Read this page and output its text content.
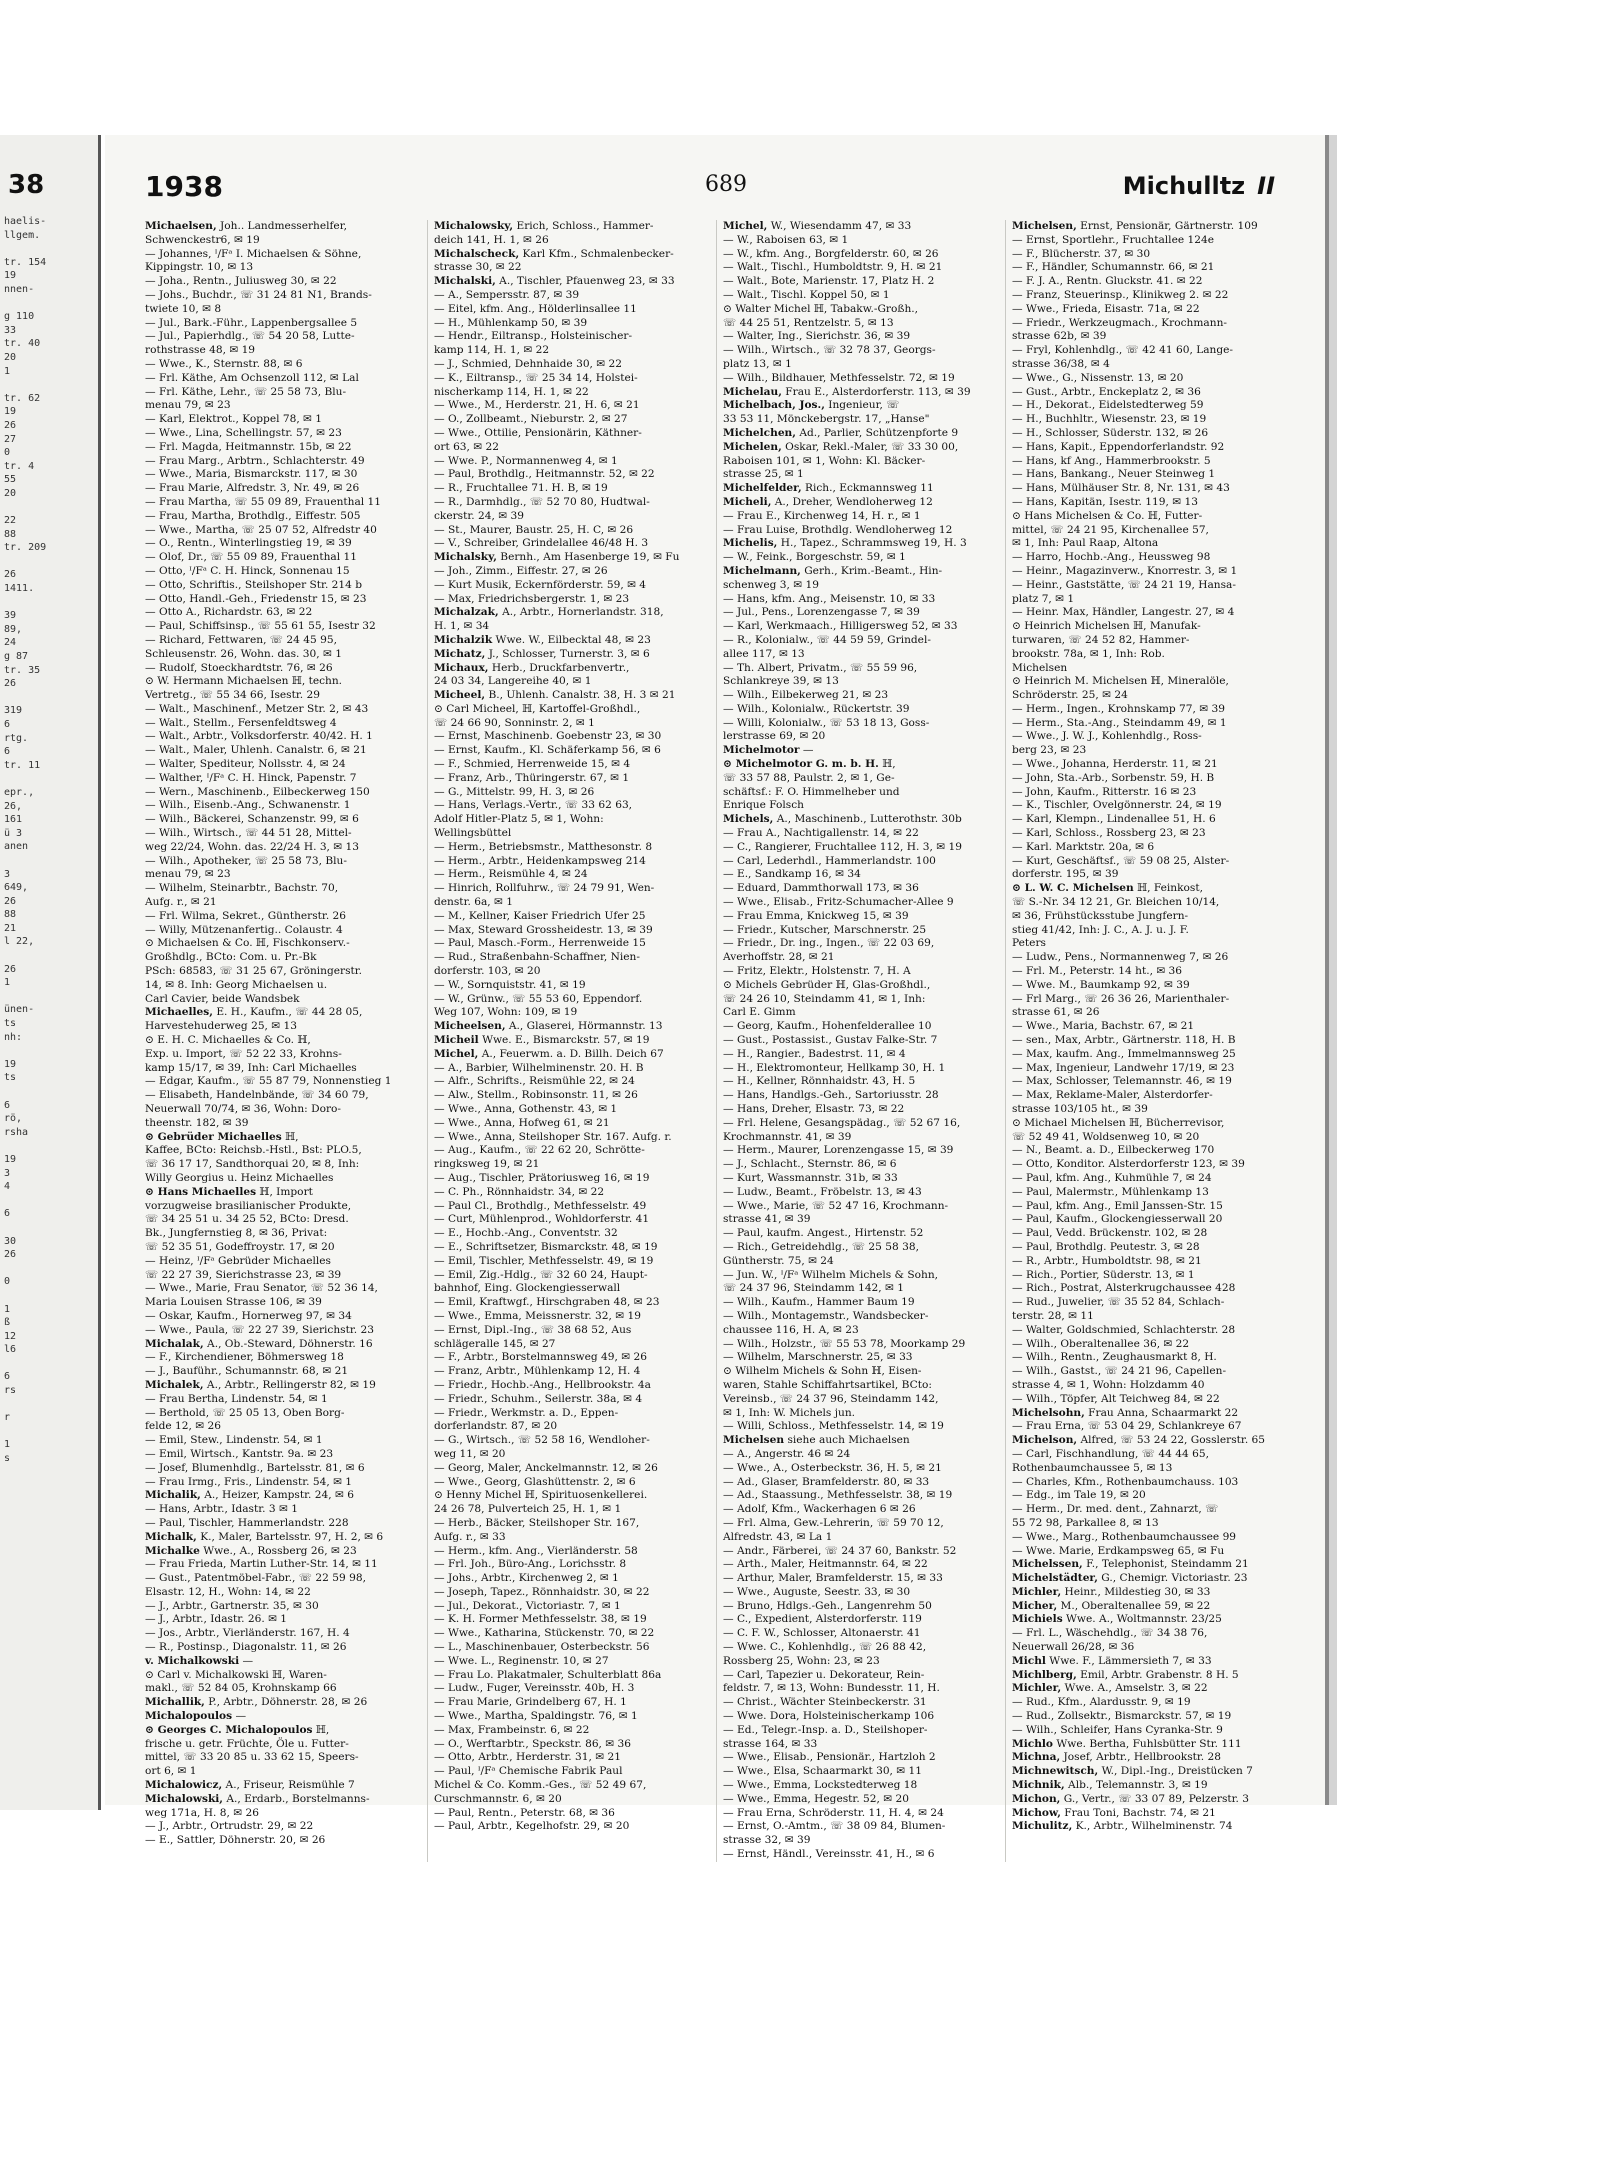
38
haelis-
llgem.
tr. 154
19
nnen-
g 110
33
tr. 40
20
1
tr. 62
19
26
27
0
tr. 4
55
20
22
88
tr. 209
26
1411.
39
89,
24
g 87
tr. 35
26
319
6
rtg.
6
tr. 11
epr.,
26,
161
ü 3
anen
3
649,
26
88
21
l 22,
26
1
ünen-
ts
nh:
19
ts
6
rö,
rsha
19
3
4
6
30
26
0
1
ß
12
l6
6
rs
r
1
s
1938	689	Michulltz II
Michaelsen, Joh.. Landmesserhelfer,
Schwenckestr6, ✉ 19
— Johannes, ᴵ/Fᵃ I. Michaelsen & Söhne,
Kippingstr. 10, ✉ 13
— Joha., Rentn., Juliusweg 30, ✉ 22
— Johs., Buchdr., ☏ 31 24 81 N1, Brands-
twiete 10, ✉ 8
— Jul., Bark.-Führ., Lappenbergsallee 5
— Jul., Papierhdlg., ☏ 54 20 58, Lutte-
rothstrasse 48, ✉ 19
— Wwe., K., Sternstr. 88, ✉ 6
— Frl. Käthe, Am Ochsenzoll 112, ✉ Lal
— Frl. Käthe, Lehr., ☏ 25 58 73, Blu-
menau 79, ✉ 23
— Karl, Elektrot., Koppel 78, ✉ 1
— Wwe., Lina, Schellingstr. 57, ✉ 23
— Frl. Magda, Heitmannstr. 15b, ✉ 22
— Frau Marg., Arbtrn., Schlachterstr. 49
— Wwe., Maria, Bismarckstr. 117, ✉ 30
— Frau Marie, Alfredstr. 3, Nr. 49, ✉ 26
— Frau Martha, ☏ 55 09 89, Frauenthal 11
— Frau, Martha, Brothdlg., Eiffestr. 505
— Wwe., Martha, ☏ 25 07 52, Alfredstr 40
— O., Rentn., Winterlingstieg 19, ✉ 39
— Olof, Dr., ☏ 55 09 89, Frauenthal 11
— Otto, ᴵ/Fᵃ C. H. Hinck, Sonnenau 15
— Otto, Schriftis., Steilshoper Str. 214 b
— Otto, Handl.-Geh., Friedenstr 15, ✉ 23
— Otto A., Richardstr. 63, ✉ 22
— Paul, Schiffsinsp., ☏ 55 61 55, Isestr 32
— Richard, Fettwaren, ☏ 24 45 95,
Schleusenstr. 26, Wohn. das. 30, ✉ 1
— Rudolf, Stoeckhardtstr. 76, ✉ 26
⊙ W. Hermann Michaelsen ℍ, techn.
Vertretg., ☏ 55 34 66, Isestr. 29
— Walt., Maschinenf., Metzer Str. 2, ✉ 43
— Walt., Stellm., Fersenfeldtsweg 4
— Walt., Arbtr., Volksdorferstr. 40/42. H. 1
— Walt., Maler, Uhlenh. Canalstr. 6, ✉ 21
— Walter, Spediteur, Nollsstr. 4, ✉ 24
— Walther, ᴵ/Fᵃ C. H. Hinck, Papenstr. 7
— Wern., Maschinenb., Eilbeckerweg 150
— Wilh., Eisenb.-Ang., Schwanenstr. 1
— Wilh., Bäckerei, Schanzenstr. 99, ✉ 6
— Wilh., Wirtsch., ☏ 44 51 28, Mittel-
weg 22/24, Wohn. das. 22/24 H. 3, ✉ 13
— Wilh., Apotheker, ☏ 25 58 73, Blu-
menau 79, ✉ 23
— Wilhelm, Steinarbtr., Bachstr. 70,
Aufg. r., ✉ 21
— Frl. Wilma, Sekret., Güntherstr. 26
— Willy, Mützenanfertig.. Colaustr. 4
⊙ Michaelsen & Co. ℍ, Fischkonserv.-
Großhdlg., BCto: Com. u. Pr.-Bk
PSch: 68583, ☏ 31 25 67, Gröningerstr.
14, ✉ 8. Inh: Georg Michaelsen u.
Carl Cavier, beide Wandsbek
Michaelles, E. H., Kaufm., ☏ 44 28 05,
Harvestehuderweg 25, ✉ 13
⊙ E. H. C. Michaelles & Co. ℍ,
Exp. u. Import, ☏ 52 22 33, Krohns-
kamp 15/17, ✉ 39, Inh: Carl Michaelles
— Edgar, Kaufm., ☏ 55 87 79, Nonnenstieg 1
— Elisabeth, Handelnbände, ☏ 34 60 79,
Neuerwall 70/74, ✉ 36, Wohn: Doro-
theenstr. 182, ✉ 39
⊙ Gebrüder Michaelles ℍ,
Kaffee, BCto: Reichsb.-Hstl., Bst: PLO.5,
☏ 36 17 17, Sandthorquai 20, ✉ 8, Inh:
Willy Georgius u. Heinz Michaelles
⊙ Hans Michaelles ℍ, Import
vorzugweise brasilianischer Produkte,
☏ 34 25 51 u. 34 25 52, BCto: Dresd.
Bk., Jungfernstieg 8, ✉ 36, Privat:
☏ 52 35 51, Godeffroystr. 17, ✉ 20
— Heinz, ᴵ/Fᵃ Gebrüder Michaelles
☏ 22 27 39, Sierichstrasse 23, ✉ 39
— Wwe., Marie, Frau Senator, ☏ 52 36 14,
Maria Louisen Strasse 106, ✉ 39
— Oskar, Kaufm., Hornerweg 97, ✉ 34
— Wwe., Paula, ☏ 22 27 39, Sierichstr. 23
Michalak, A., Ob.-Steward, Döhnerstr. 16
— F., Kirchendiener, Böhmersweg 18
— J., Bauführ., Schumannstr. 68, ✉ 21
Michalek, A., Arbtr., Rellingerstr 82, ✉ 19
— Frau Bertha, Lindenstr. 54, ✉ 1
— Berthold, ☏ 25 05 13, Oben Borg-
felde 12, ✉ 26
— Emil, Stew., Lindenstr. 54, ✉ 1
— Emil, Wirtsch., Kantstr. 9a. ✉ 23
— Josef, Blumenhdlg., Bartelsstr. 81, ✉ 6
— Frau Irmg., Fris., Lindenstr. 54, ✉ 1
Michalik, A., Heizer, Kampstr. 24, ✉ 6
— Hans, Arbtr., Idastr. 3 ✉ 1
— Paul, Tischler, Hammerlandstr. 228
Michalk, K., Maler, Bartelsstr. 97, H. 2, ✉ 6
Michalke Wwe., A., Rossberg 26, ✉ 23
— Frau Frieda, Martin Luther-Str. 14, ✉ 11
— Gust., Patentmöbel-Fabr., ☏ 22 59 98,
Elsastr. 12, H., Wohn: 14, ✉ 22
— J., Arbtr., Gartnerstr. 35, ✉ 30
— J., Arbtr., Idastr. 26. ✉ 1
— Jos., Arbtr., Vierländerstr. 167, H. 4
— R., Postinsp., Diagonalstr. 11, ✉ 26
v. Michalkowski —
⊙ Carl v. Michalkowski ℍ, Waren-
makl., ☏ 52 84 05, Krohnskamp 66
Michallik, P., Arbtr., Döhnerstr. 28, ✉ 26
Michalopoulos —
⊙ Georges C. Michalopoulos ℍ,
frische u. getr. Früchte, Öle u. Futter-
mittel, ☏ 33 20 85 u. 33 62 15, Speers-
ort 6, ✉ 1
Michalowicz, A., Friseur, Reismühle 7
Michalowski, A., Erdarb., Borstelmanns-
weg 171a, H. 8, ✉ 26
— J., Arbtr., Ortrudstr. 29, ✉ 22
— E., Sattler, Döhnerstr. 20, ✉ 26
Michalowsky, Erich, Schloss., Hammer-
deich 141, H. 1, ✉ 26
Michalscheck, Karl Kfm., Schmalenbecker-
strasse 30, ✉ 22
Michalski, A., Tischler, Pfauenweg 23, ✉ 33
— A., Sempersstr. 87, ✉ 39
— Eitel, kfm. Ang., Hölderlinsallee 11
— H., Mühlenkamp 50, ✉ 39
— Hendr., Eiltransp., Holsteinischer-
kamp 114, H. 1, ✉ 22
— J., Schmied, Dehnhaide 30, ✉ 22
— K., Eiltransp., ☏ 25 34 14, Holstei-
nischerkamp 114, H. 1, ✉ 22
— Wwe., M., Herderstr. 21, H. 6, ✉ 21
— O., Zollbeamt., Nieburstr. 2, ✉ 27
— Wwe., Ottilie, Pensionärin, Käthner-
ort 63, ✉ 22
— Wwe. P., Normannenweg 4, ✉ 1
— Paul, Brothdlg., Heitmannstr. 52, ✉ 22
— R., Fruchtallee 71. H. B, ✉ 19
— R., Darmhdlg., ☏ 52 70 80, Hudtwal-
ckerstr. 24, ✉ 39
— St., Maurer, Baustr. 25, H. C, ✉ 26
— V., Schreiber, Grindelallee 46/48 H. 3
Michalsky, Bernh., Am Hasenberge 19, ✉ Fu
— Joh., Zimm., Eiffestr. 27, ✉ 26
— Kurt Musik, Eckernförderstr. 59, ✉ 4
— Max, Friedrichsbergerstr. 1, ✉ 23
Michalzak, A., Arbtr., Hornerlandstr. 318,
H. 1, ✉ 34
Michalzik Wwe. W., Eilbecktal 48, ✉ 23
Michatz, J., Schlosser, Turnerstr. 3, ✉ 6
Michaux, Herb., Druckfarbenvertr.,
24 03 34, Langereihe 40, ✉ 1
Micheel, B., Uhlenh. Canalstr. 38, H. 3 ✉ 21
⊙ Carl Micheel, ℍ, Kartoffel-Großhdl.,
☏ 24 66 90, Sonninstr. 2, ✉ 1
— Ernst, Maschinenb. Goebenstr 23, ✉ 30
— Ernst, Kaufm., Kl. Schäferkamp 56, ✉ 6
— F., Schmied, Herrenweide 15, ✉ 4
— Franz, Arb., Thüringerstr. 67, ✉ 1
— G., Mittelstr. 99, H. 3, ✉ 26
— Hans, Verlags.-Vertr., ☏ 33 62 63,
Adolf Hitler-Platz 5, ✉ 1, Wohn:
Wellingsbüttel
— Herm., Betriebsmstr., Matthesonstr. 8
— Herm., Arbtr., Heidenkampsweg 214
— Herm., Reismühle 4, ✉ 24
— Hinrich, Rollfuhrw., ☏ 24 79 91, Wen-
denstr. 6a, ✉ 1
— M., Kellner, Kaiser Friedrich Ufer 25
— Max, Steward Grossheidestr. 13, ✉ 39
— Paul, Masch.-Form., Herrenweide 15
— Rud., Straßenbahn-Schaffner, Nien-
dorferstr. 103, ✉ 20
— W., Sornquiststr. 41, ✉ 19
— W., Grünw., ☏ 55 53 60, Eppendorf.
Weg 107, Wohn: 109, ✉ 19
Micheelsen, A., Glaserei, Hörmannstr. 13
Micheil Wwe. E., Bismarckstr. 57, ✉ 19
Michel, A., Feuerwm. a. D. Billh. Deich 67
— A., Barbier, Wilhelminenstr. 20. H. B
— Alfr., Schrifts., Reismühle 22, ✉ 24
— Alw., Stellm., Robinsonstr. 11, ✉ 26
— Wwe., Anna, Gothenstr. 43, ✉ 1
— Wwe., Anna, Hofweg 61, ✉ 21
— Wwe., Anna, Steilshoper Str. 167. Aufg. r.
— Aug., Kaufm., ☏ 22 62 20, Schrötte-
ringksweg 19, ✉ 21
— Aug., Tischler, Prätoriusweg 16, ✉ 19
— C. Ph., Rönnhaidstr. 34, ✉ 22
— Paul Cl., Brothdlg., Methfesselstr. 49
— Curt, Mühlenprod., Wohldorferstr. 41
— E., Hochb.-Ang., Conventstr. 32
— E., Schriftsetzer, Bismarckstr. 48, ✉ 19
— Emil, Tischler, Methfesselstr. 49, ✉ 19
— Emil, Zig.-Hdlg., ☏ 32 60 24, Haupt-
bahnhof, Eing. Glockengiesserwall
— Emil, Kraftwgf., Hirschgraben 48, ✉ 23
— Wwe., Emma, Meissnerstr. 32, ✉ 19
— Ernst, Dipl.-Ing., ☏ 38 68 52, Aus
schlägeralle 145, ✉ 27
— F., Arbtr., Borstelmannsweg 49, ✉ 26
— Franz, Arbtr., Mühlenkamp 12, H. 4
— Friedr., Hochb.-Ang., Hellbrookstr. 4a
— Friedr., Schuhm., Seilerstr. 38a, ✉ 4
— Friedr., Werkmstr. a. D., Eppen-
dorferlandstr. 87, ✉ 20
— G., Wirtsch., ☏ 52 58 16, Wendloher-
weg 11, ✉ 20
— Georg, Maler, Anckelmannstr. 12, ✉ 26
— Wwe., Georg, Glashüttenstr. 2, ✉ 6
⊙ Henny Michel ℍ, Spirituosenkellerei.
24 26 78, Pulverteich 25, H. 1, ✉ 1
— Herb., Bäcker, Steilshoper Str. 167,
Aufg. r., ✉ 33
— Herm., kfm. Ang., Vierländerstr. 58
— Frl. Joh., Büro-Ang., Lorichsstr. 8
— Johs., Arbtr., Kirchenweg 2, ✉ 1
— Joseph, Tapez., Rönnhaidstr. 30, ✉ 22
— Jul., Dekorat., Victoriastr. 7, ✉ 1
— K. H. Former Methfesselstr. 38, ✉ 19
— Wwe., Katharina, Stückenstr. 70, ✉ 22
— L., Maschinenbauer, Osterbeckstr. 56
— Wwe. L., Reginenstr. 10, ✉ 27
— Frau Lo. Plakatmaler, Schulterblatt 86a
— Ludw., Fuger, Vereinsstr. 40b, H. 3
— Frau Marie, Grindelberg 67, H. 1
— Wwe., Martha, Spaldingstr. 76, ✉ 1
— Max, Frambeinstr. 6, ✉ 22
— O., Werftarbtr., Speckstr. 86, ✉ 36
— Otto, Arbtr., Herderstr. 31, ✉ 21
— Paul, ᴵ/Fᵃ Chemische Fabrik Paul
Michel & Co. Komm.-Ges., ☏ 52 49 67,
Curschmannstr. 6, ✉ 20
— Paul, Rentn., Peterstr. 68, ✉ 36
— Paul, Arbtr., Kegelhofstr. 29, ✉ 20
Michel, W., Wiesendamm 47, ✉ 33
— W., Raboisen 63, ✉ 1
— W., kfm. Ang., Borgfelderstr. 60, ✉ 26
— Walt., Tischl., Humboldtstr. 9, H. ✉ 21
— Walt., Bote, Marienstr. 17, Platz H. 2
— Walt., Tischl. Koppel 50, ✉ 1
⊙ Walter Michel ℍ, Tabakw.-Großh.,
☏ 44 25 51, Rentzelstr. 5, ✉ 13
— Walter, Ing., Sierichstr. 36, ✉ 39
— Wilh., Wirtsch., ☏ 32 78 37, Georgs-
platz 13, ✉ 1
— Wilh., Bildhauer, Methfesselstr. 72, ✉ 19
Michelau, Frau E., Alsterdorferstr. 113, ✉ 39
Michelbach, Jos., Ingenieur, ☏
33 53 11, Mönckebergstr. 17, „Hanse"
Michelchen, Ad., Parlier, Schützenpforte 9
Michelen, Oskar, Rekl.-Maler, ☏ 33 30 00,
Raboisen 101, ✉ 1, Wohn: Kl. Bäcker-
strasse 25, ✉ 1
Michelfelder, Rich., Eckmannsweg 11
Micheli, A., Dreher, Wendloherweg 12
— Frau E., Kirchenweg 14, H. r., ✉ 1
— Frau Luise, Brothdlg. Wendloherweg 12
Michelis, H., Tapez., Schrammsweg 19, H. 3
— W., Feink., Borgeschstr. 59, ✉ 1
Michelmann, Gerh., Krim.-Beamt., Hin-
schenweg 3, ✉ 19
— Hans, kfm. Ang., Meisenstr. 10, ✉ 33
— Jul., Pens., Lorenzengasse 7, ✉ 39
— Karl, Werkmaach., Hilligersweg 52, ✉ 33
— R., Kolonialw., ☏ 44 59 59, Grindel-
allee 117, ✉ 13
— Th. Albert, Privatm., ☏ 55 59 96,
Schlankreye 39, ✉ 13
— Wilh., Eilbekerweg 21, ✉ 23
— Wilh., Kolonialw., Rückertstr. 39
— Willi, Kolonialw., ☏ 53 18 13, Goss-
lerstrasse 69, ✉ 20
Michelmotor —
⊙ Michelmotor G. m. b. H. ℍ,
☏ 33 57 88, Paulstr. 2, ✉ 1, Ge-
schäftsf.: F. O. Himmelheber und
Enrique Folsch
Michels, A., Maschinenb., Lutterothstr. 30b
— Frau A., Nachtigallenstr. 14, ✉ 22
— C., Rangierer, Fruchtallee 112, H. 3, ✉ 19
— Carl, Lederhdl., Hammerlandstr. 100
— E., Sandkamp 16, ✉ 34
— Eduard, Dammthorwall 173, ✉ 36
— Wwe., Elisab., Fritz-Schumacher-Allee 9
— Frau Emma, Knickweg 15, ✉ 39
— Friedr., Kutscher, Marschnerstr. 25
— Friedr., Dr. ing., Ingen., ☏ 22 03 69,
Averhoffstr. 28, ✉ 21
— Fritz, Elektr., Holstenstr. 7, H. A
⊙ Michels Gebrüder ℍ, Glas-Großhdl.,
☏ 24 26 10, Steindamm 41, ✉ 1, Inh:
Carl E. Gimm
— Georg, Kaufm., Hohenfelderallee 10
— Gust., Postassist., Gustav Falke-Str. 7
— H., Rangier., Badestrst. 11, ✉ 4
— H., Elektromonteur, Hellkamp 30, H. 1
— H., Kellner, Rönnhaidstr. 43, H. 5
— Hans, Handlgs.-Geh., Sartoriusstr. 28
— Hans, Dreher, Elsastr. 73, ✉ 22
— Frl. Helene, Gesangspädag., ☏ 52 67 16,
Krochmannstr. 41, ✉ 39
— Herm., Maurer, Lorenzengasse 15, ✉ 39
— J., Schlacht., Sternstr. 86, ✉ 6
— Kurt, Wassmannstr. 31b, ✉ 33
— Ludw., Beamt., Fröbelstr. 13, ✉ 43
— Wwe., Marie, ☏ 52 47 16, Krochmann-
strasse 41, ✉ 39
— Paul, kaufm. Angest., Hirtenstr. 52
— Rich., Getreidehdlg., ☏ 25 58 38,
Güntherstr. 75, ✉ 24
— Jun. W., ᴵ/Fᵃ Wilhelm Michels & Sohn,
☏ 24 37 96, Steindamm 142, ✉ 1
— Wilh., Kaufm., Hammer Baum 19
— Wilh., Montagemstr., Wandsbecker-
chaussee 116, H. A, ✉ 23
— Wilh., Holzstr., ☏ 55 53 78, Moorkamp 29
— Wilhelm, Marschnerstr. 25, ✉ 33
⊙ Wilhelm Michels & Sohn ℍ, Eisen-
waren, Stahle Schiffahrtsartikel, BCto:
Vereinsb., ☏ 24 37 96, Steindamm 142,
✉ 1, Inh: W. Michels jun.
— Willi, Schloss., Methfesselstr. 14, ✉ 19
Michelsen siehe auch Michaelsen
— A., Angerstr. 46 ✉ 24
— Wwe., A., Osterbeckstr. 36, H. 5, ✉ 21
— Ad., Glaser, Bramfelderstr. 80, ✉ 33
— Ad., Staassung., Methfesselstr. 38, ✉ 19
— Adolf, Kfm., Wackerhagen 6 ✉ 26
— Frl. Alma, Gew.-Lehrerin, ☏ 59 70 12,
Alfredstr. 43, ✉ La 1
— Andr., Färberei, ☏ 24 37 60, Bankstr. 52
— Arth., Maler, Heitmannstr. 64, ✉ 22
— Arthur, Maler, Bramfelderstr. 15, ✉ 33
— Wwe., Auguste, Seestr. 33, ✉ 30
— Bruno, Hdlgs.-Geh., Langenrehm 50
— C., Expedient, Alsterdorferstr. 119
— C. F. W., Schlosser, Altonaerstr. 41
— Wwe. C., Kohlenhdlg., ☏ 26 88 42,
Rossberg 25, Wohn: 23, ✉ 23
— Carl, Tapezier u. Dekorateur, Rein-
feldstr. 7, ✉ 13, Wohn: Bundesstr. 11, H.
— Christ., Wächter Steinbeckerstr. 31
— Wwe. Dora, Holsteinischerkamp 106
— Ed., Telegr.-Insp. a. D., Steilshoper-
strasse 164, ✉ 33
— Wwe., Elisab., Pensionär., Hartzloh 2
— Wwe., Elsa, Schaarmarkt 30, ✉ 11
— Wwe., Emma, Lockstedterweg 18
— Wwe., Emma, Hegestr. 52, ✉ 20
— Frau Erna, Schröderstr. 11, H. 4, ✉ 24
— Ernst, O.-Amtm., ☏ 38 09 84, Blumen-
strasse 32, ✉ 39
— Ernst, Händl., Vereinsstr. 41, H., ✉ 6
Michelsen, Ernst, Pensionär, Gärtnerstr. 109
— Ernst, Sportlehr., Fruchtallee 124e
— F., Blücherstr. 37, ✉ 30
— F., Händler, Schumannstr. 66, ✉ 21
— F. J. A., Rentn. Gluckstr. 41. ✉ 22
— Franz, Steuerinsp., Klinikweg 2. ✉ 22
— Wwe., Frieda, Eisastr. 71a, ✉ 22
— Friedr., Werkzeugmach., Krochmann-
strasse 62b, ✉ 39
— Fryl, Kohlenhdlg., ☏ 42 41 60, Lange-
strasse 36/38, ✉ 4
— Wwe., G., Nissenstr. 13, ✉ 20
— Gust., Arbtr., Enckeplatz 2, ✉ 36
— H., Dekorat., Eidelstedterweg 59
— H., Buchhltr., Wiesenstr. 23, ✉ 19
— H., Schlosser, Süderstr. 132, ✉ 26
— Hans, Kapit., Eppendorferlandstr. 92
— Hans, kf Ang., Hammerbrookstr. 5
— Hans, Bankang., Neuer Steinweg 1
— Hans, Mülhäuser Str. 8, Nr. 131, ✉ 43
— Hans, Kapitän, Isestr. 119, ✉ 13
⊙ Hans Michelsen & Co. ℍ, Futter-
mittel, ☏ 24 21 95, Kirchenallee 57,
✉ 1, Inh: Paul Raap, Altona
— Harro, Hochb.-Ang., Heussweg 98
— Heinr., Magazinverw., Knorrestr. 3, ✉ 1
— Heinr., Gaststätte, ☏ 24 21 19, Hansa-
platz 7, ✉ 1
— Heinr. Max, Händler, Langestr. 27, ✉ 4
⊙ Heinrich Michelsen ℍ, Manufak-
turwaren, ☏ 24 52 82, Hammer-
brookstr. 78a, ✉ 1, Inh: Rob.
Michelsen
⊙ Heinrich M. Michelsen ℍ, Mineralöle,
Schröderstr. 25, ✉ 24
— Herm., Ingen., Krohnskamp 77, ✉ 39
— Herm., Sta.-Ang., Steindamm 49, ✉ 1
— Wwe., J. W. J., Kohlenhdlg., Ross-
berg 23, ✉ 23
— Wwe., Johanna, Herderstr. 11, ✉ 21
— John, Sta.-Arb., Sorbenstr. 59, H. B
— John, Kaufm., Ritterstr. 16 ✉ 23
— K., Tischler, Ovelgönnerstr. 24, ✉ 19
— Karl, Klempn., Lindenallee 51, H. 6
— Karl, Schloss., Rossberg 23, ✉ 23
— Karl. Marktstr. 20a, ✉ 6
— Kurt, Geschäftsf., ☏ 59 08 25, Alster-
dorferstr. 195, ✉ 39
⊙ L. W. C. Michelsen ℍ, Feinkost,
☏ S.-Nr. 34 12 21, Gr. Bleichen 10/14,
✉ 36, Frühstücksstube Jungfern-
stieg 41/42, Inh: J. C., A. J. u. J. F.
Peters
— Ludw., Pens., Normannenweg 7, ✉ 26
— Frl. M., Peterstr. 14 ht., ✉ 36
— Wwe. M., Baumkamp 92, ✉ 39
— Frl Marg., ☏ 26 36 26, Marienthaler-
strasse 61, ✉ 26
— Wwe., Maria, Bachstr. 67, ✉ 21
— sen., Max, Arbtr., Gärtnerstr. 118, H. B
— Max, kaufm. Ang., Immelmannsweg 25
— Max, Ingenieur, Landwehr 17/19, ✉ 23
— Max, Schlosser, Telemannstr. 46, ✉ 19
— Max, Reklame-Maler, Alsterdorfer-
strasse 103/105 ht., ✉ 39
⊙ Michael Michelsen ℍ, Bücherrevisor,
☏ 52 49 41, Woldsenweg 10, ✉ 20
— N., Beamt. a. D., Eilbeckerweg 170
— Otto, Konditor. Alsterdorferstr 123, ✉ 39
— Paul, kfm. Ang., Kuhmühle 7, ✉ 24
— Paul, Malermstr., Mühlenkamp 13
— Paul, kfm. Ang., Emil Janssen-Str. 15
— Paul, Kaufm., Glockengiesserwall 20
— Paul, Vedd. Brückenstr. 102, ✉ 28
— Paul, Brothdlg. Peutestr. 3, ✉ 28
— R., Arbtr., Humboldtstr. 98, ✉ 21
— Rich., Portier, Süderstr. 13, ✉ 1
— Rich., Postrat, Alsterkrugchaussee 428
— Rud., Juwelier, ☏ 35 52 84, Schlach-
terstr. 28, ✉ 11
— Walter, Goldschmied, Schlachterstr. 28
— Wilh., Oberaltenallee 36, ✉ 22
— Wilh., Rentn., Zeughausmarkt 8, H.
— Wilh., Gastst., ☏ 24 21 96, Capellen-
strasse 4, ✉ 1, Wohn: Holzdamm 40
— Wilh., Töpfer, Alt Teichweg 84, ✉ 22
Michelsohn, Frau Anna, Schaarmarkt 22
— Frau Erna, ☏ 53 04 29, Schlankreye 67
Michelson, Alfred, ☏ 53 24 22, Gosslerstr. 65
— Carl, Fischhandlung, ☏ 44 44 65,
Rothenbaumchaussee 5, ✉ 13
— Charles, Kfm., Rothenbaumchauss. 103
— Edg., im Tale 19, ✉ 20
— Herm., Dr. med. dent., Zahnarzt, ☏
55 72 98, Parkallee 8, ✉ 13
— Wwe., Marg., Rothenbaumchaussee 99
— Wwe. Marie, Erdkampsweg 65, ✉ Fu
Michelssen, F., Telephonist, Steindamm 21
Michelstädter, G., Chemigr. Victoriastr. 23
Michler, Heinr., Mildestieg 30, ✉ 33
Micher, M., Oberaltenallee 59, ✉ 22
Michiels Wwe. A., Woltmannstr. 23/25
— Frl. L., Wäschehdlg., ☏ 34 38 76,
Neuerwall 26/28, ✉ 36
Michl Wwe. F., Lämmersieth 7, ✉ 33
Michlberg, Emil, Arbtr. Grabenstr. 8 H. 5
Michler, Wwe. A., Amselstr. 3, ✉ 22
— Rud., Kfm., Alardusstr. 9, ✉ 19
— Rud., Zollsektr., Bismarckstr. 57, ✉ 19
— Wilh., Schleifer, Hans Cyranka-Str. 9
Michlo Wwe. Bertha, Fuhlsbütter Str. 111
Michna, Josef, Arbtr., Hellbrookstr. 28
Michnewitsch, W., Dipl.-Ing., Dreistücken 7
Michnik, Alb., Telemannstr. 3, ✉ 19
Michon, G., Vertr., ☏ 33 07 89, Pelzerstr. 3
Michow, Frau Toni, Bachstr. 74, ✉ 21
Michulitz, K., Arbtr., Wilhelminenstr. 74
